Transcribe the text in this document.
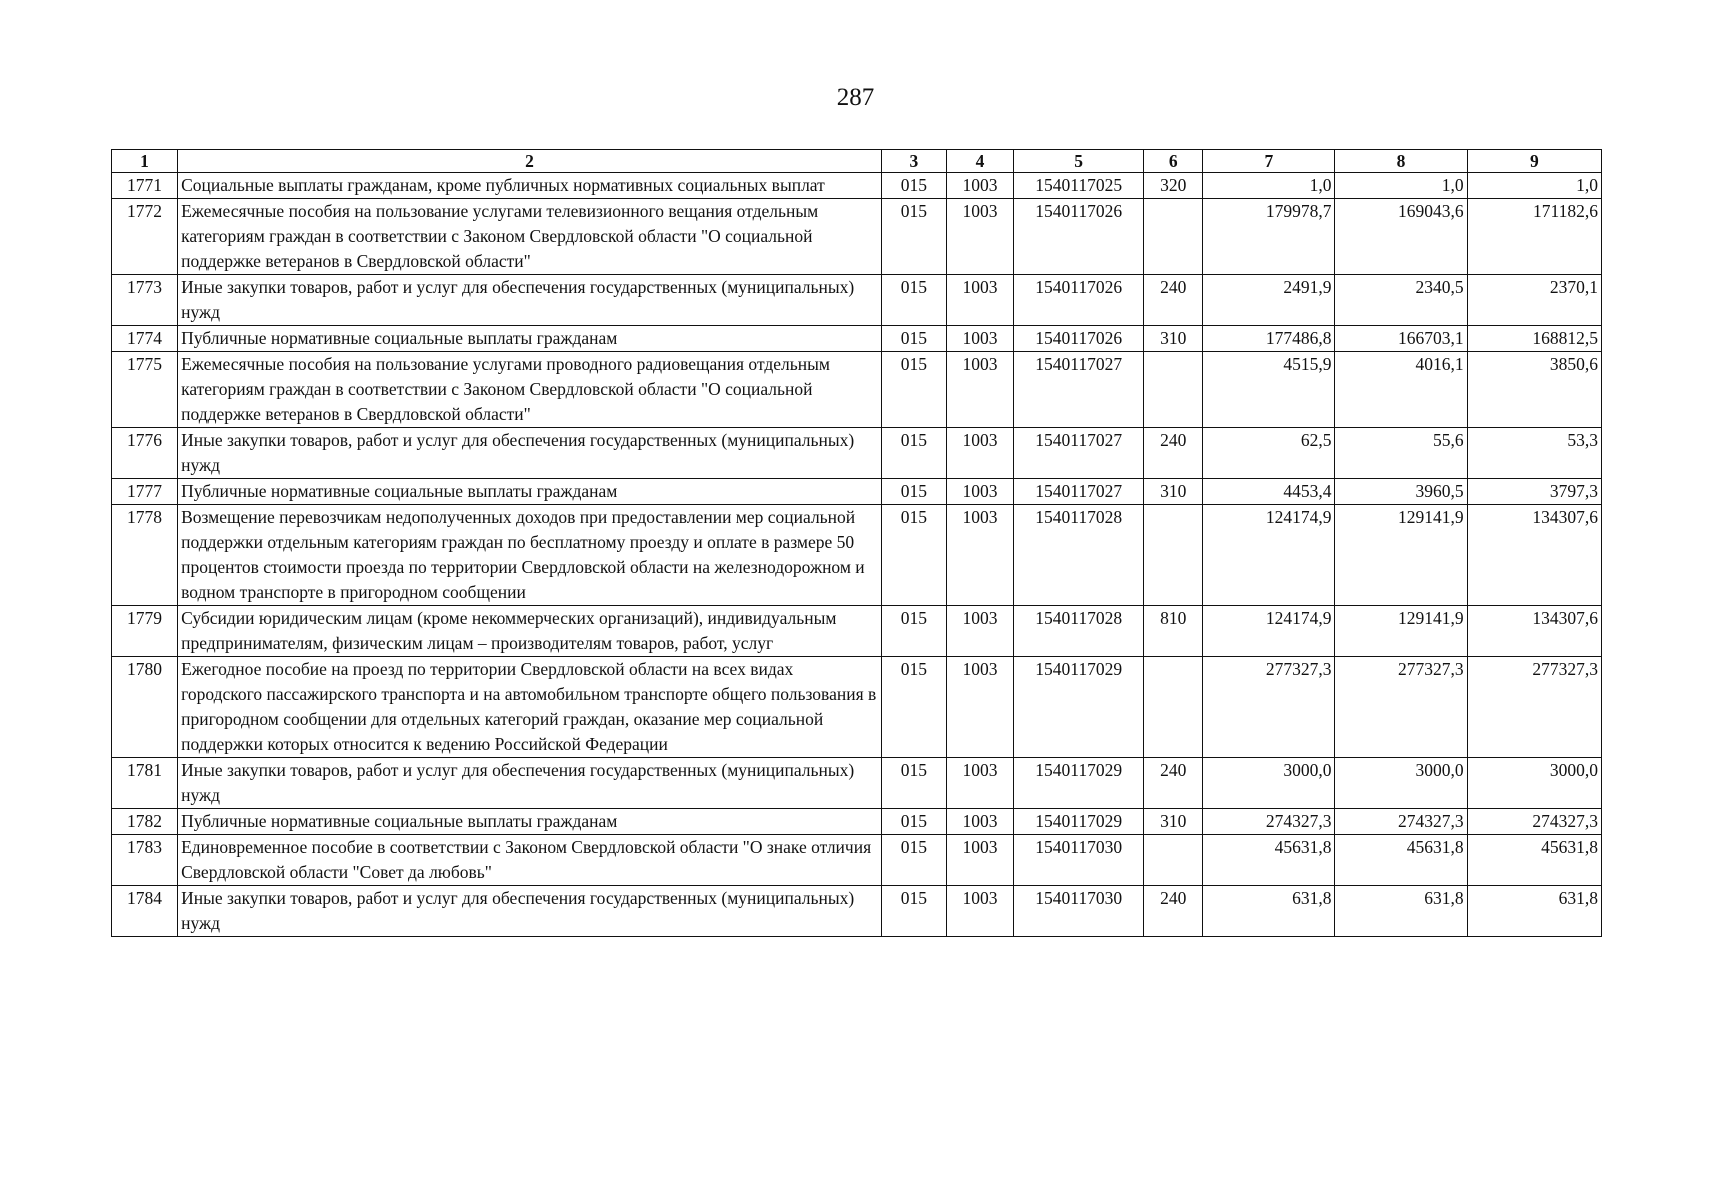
287
1	2	3	4	5	6	7	8	9
1771	Социальные выплаты гражданам, кроме публичных нормативных социальных выплат	015	1003	1540117025	320	1,0	1,0	1,0
1772	Ежемесячные пособия на пользование услугами телевизионного вещания отдельным категориям граждан в соответствии с Законом Свердловской области "О социальной поддержке ветеранов в Свердловской области"	015	1003	1540117026		179978,7	169043,6	171182,6
1773	Иные закупки товаров, работ и услуг для обеспечения государственных (муниципальных) нужд	015	1003	1540117026	240	2491,9	2340,5	2370,1
1774	Публичные нормативные социальные выплаты гражданам	015	1003	1540117026	310	177486,8	166703,1	168812,5
1775	Ежемесячные пособия на пользование услугами проводного радиовещания отдельным категориям граждан в соответствии с Законом Свердловской области "О социальной поддержке ветеранов в Свердловской области"	015	1003	1540117027		4515,9	4016,1	3850,6
1776	Иные закупки товаров, работ и услуг для обеспечения государственных (муниципальных) нужд	015	1003	1540117027	240	62,5	55,6	53,3
1777	Публичные нормативные социальные выплаты гражданам	015	1003	1540117027	310	4453,4	3960,5	3797,3
1778	Возмещение перевозчикам недополученных доходов при предоставлении мер социальной поддержки отдельным категориям граждан по бесплатному проезду и оплате в размере 50 процентов стоимости проезда по территории Свердловской области на железнодорожном и водном транспорте в пригородном сообщении	015	1003	1540117028		124174,9	129141,9	134307,6
1779	Субсидии юридическим лицам (кроме некоммерческих организаций), индивидуальным предпринимателям, физическим лицам – производителям товаров, работ, услуг	015	1003	1540117028	810	124174,9	129141,9	134307,6
1780	Ежегодное пособие на проезд по территории Свердловской области на всех видах городского пассажирского транспорта и на автомобильном транспорте общего пользования в пригородном сообщении для отдельных категорий граждан, оказание мер социальной поддержки которых относится к ведению Российской Федерации	015	1003	1540117029		277327,3	277327,3	277327,3
1781	Иные закупки товаров, работ и услуг для обеспечения государственных (муниципальных) нужд	015	1003	1540117029	240	3000,0	3000,0	3000,0
1782	Публичные нормативные социальные выплаты гражданам	015	1003	1540117029	310	274327,3	274327,3	274327,3
1783	Единовременное пособие в соответствии с Законом Свердловской области "О знаке отличия Свердловской области "Совет да любовь"	015	1003	1540117030		45631,8	45631,8	45631,8
1784	Иные закупки товаров, работ и услуг для обеспечения государственных (муниципальных) нужд	015	1003	1540117030	240	631,8	631,8	631,8
